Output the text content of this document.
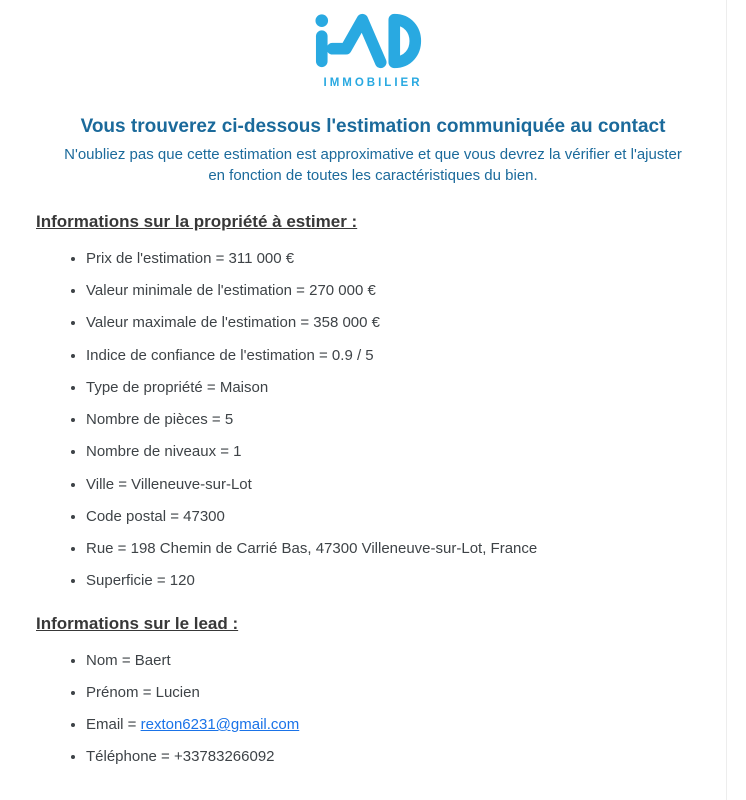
IMMOBILIER
Vous trouverez ci-dessous l'estimation communiquée au contact
N'oubliez pas que cette estimation est approximative et que vous devrez la vérifier et l'ajuster
en fonction de toutes les caractéristiques du bien.
Informations sur la propriété à estimer :
• Prix de l'estimation = 311 000 €
• Valeur minimale de l'estimation = 270 000 €
• Valeur maximale de l'estimation = 358 000 €
• Indice de confiance de l'estimation = 0.9 / 5
• Type de propriété = Maison
• Nombre de pièces = 5
• Nombre de niveaux = 1
• Ville = Villeneuve-sur-Lot
• Code postal = 47300
• Rue = 198 Chemin de Carrié Bas, 47300 Villeneuve-sur-Lot, France
• Superficie = 120
Informations sur le lead :
• Nom = Baert
• Prénom = Lucien
• Email = rexton6231@gmail.com
• Téléphone = +33783266092
